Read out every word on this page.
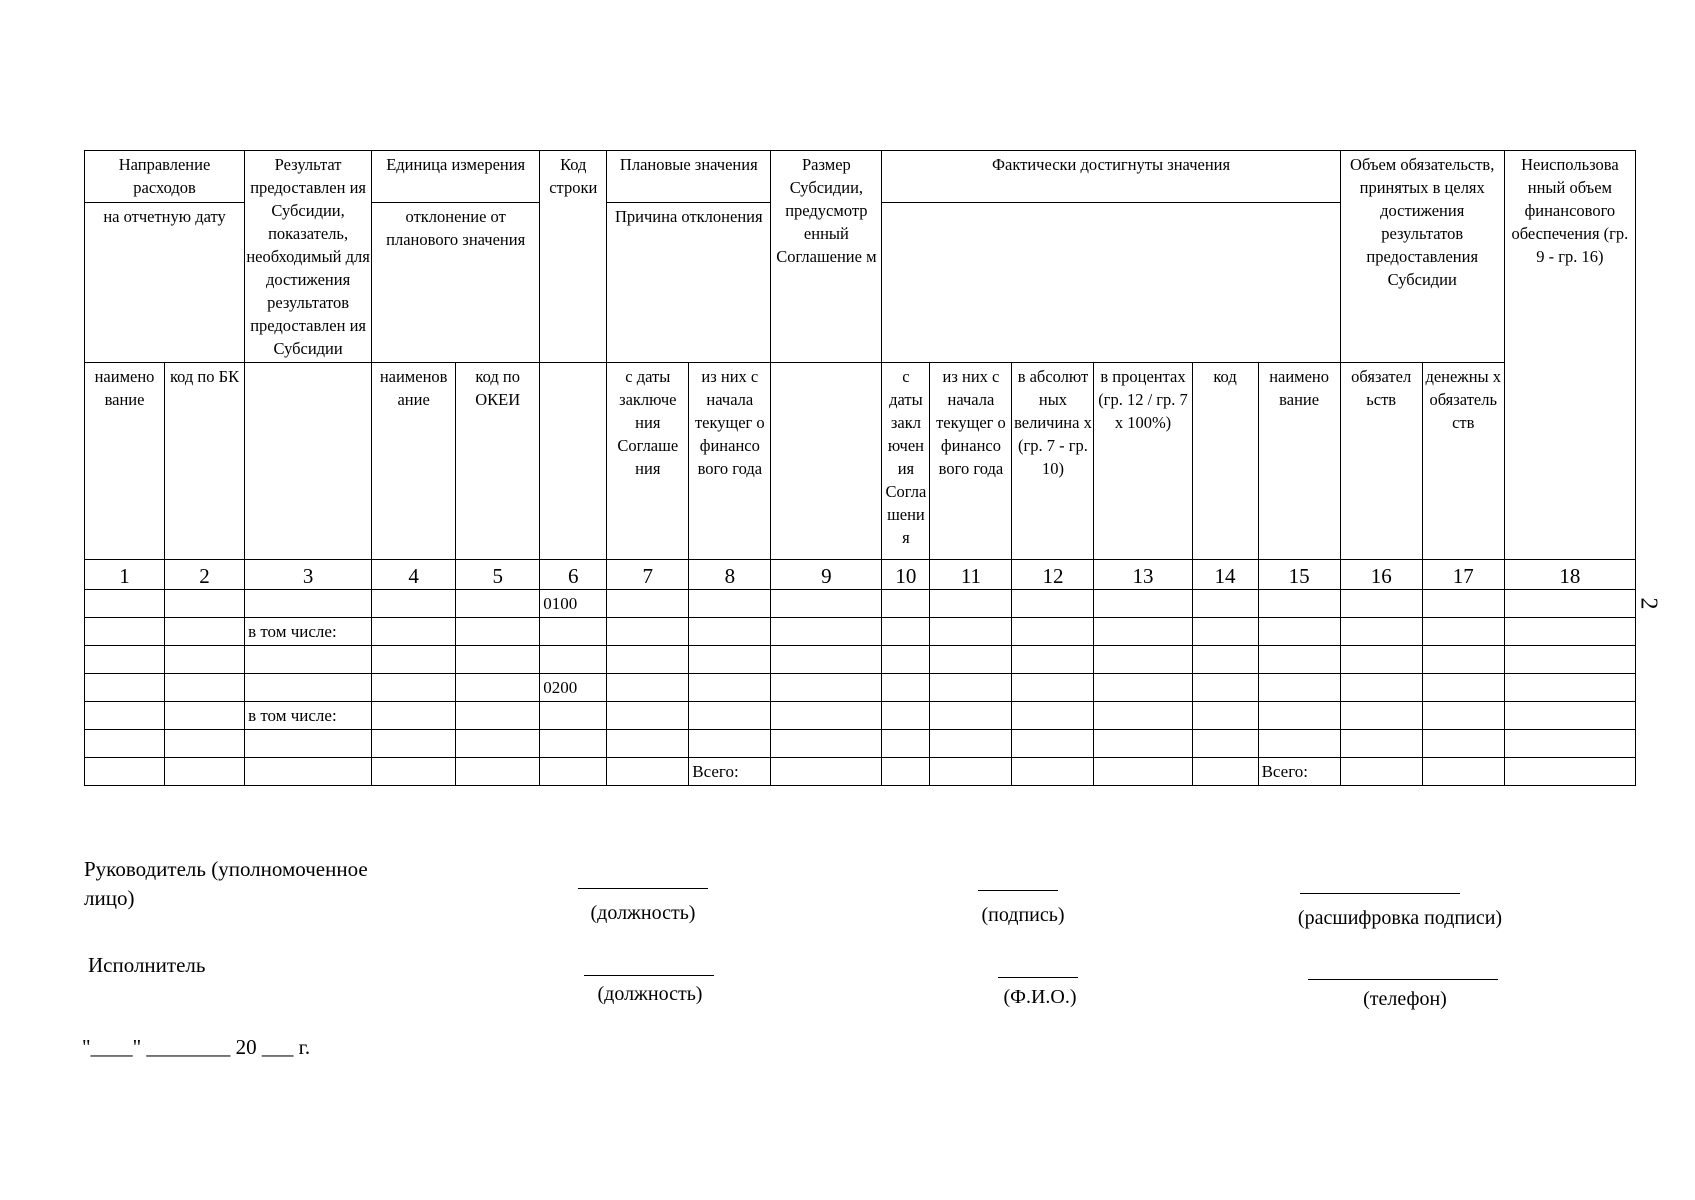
Направление расходов		Результат предоставлен ия Субсидии, показатель, необходимый для достижения результатов предоставлен ия Субсидии	Единица измерения		Код строки	Плановые значения		Размер Субсидии, предусмотр енный Соглашение м	Фактически достигнуты значения						Объем обязательств, принятых в целях достижения результатов предоставления Субсидии		Неиспользова нный объем финансового обеспечения (гр. 9 - гр. 16)
на отчетную дату			отклонение от планового значения			Причина отклонения											
наимено вание	код по БК		наименов ание	код по ОКЕИ		с даты заключе ния Соглаше ния	из них с начала текущег о финансо вого года		с даты закл ючен ия Согла шени я	из них с начала текущег о финансо вого года	в абсолют ных величина х (гр. 7 - гр. 10)	в процентах (гр. 12 / гр. 7 х 100%)	код	наимено вание	обязател ьств	денежны х обязатель ств	
1	2	3	4	5	6	7	8	9	10	11	12	13	14	15	16	17	18
					0100												
		в том числе:															

					0200												
		в том числе:															

							Всего:							Всего:			
2
Руководитель (уполномоченное лицо)
(должность)	(подпись)	(расшифровка подписи)
Исполнитель
(должность)	(Ф.И.О.)	(телефон)
"____" ________ 20 ___ г.
